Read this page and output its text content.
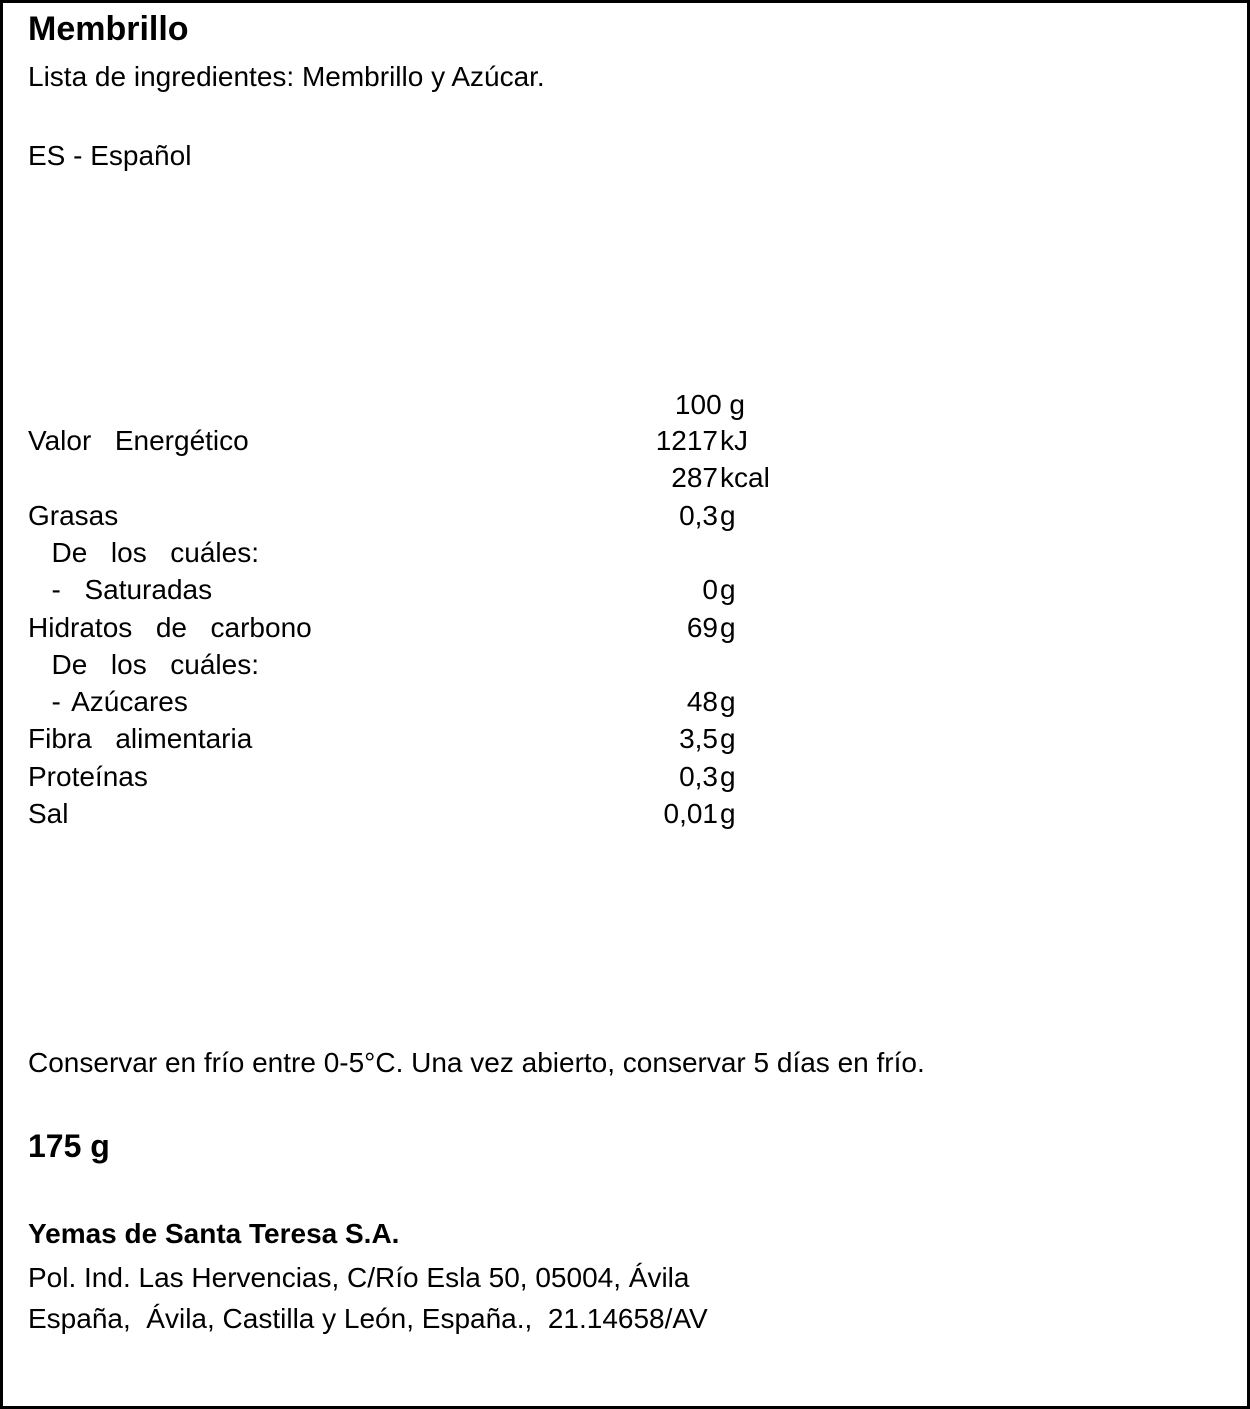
Membrillo
Lista de ingredientes: Membrillo y Azúcar.
ES - Español
100 g
Valor  Energético	1217 kJ
287 kcal
Grasas	0,3 g
De  los  cuáles:
-  Saturadas	0 g
Hidratos  de  carbono	69 g
De  los  cuáles:
- Azúcares	48 g
Fibra  alimentaria	3,5 g
Proteínas	0,3 g
Sal	0,01 g
Conservar en frío entre 0-5°C. Una vez abierto, conservar 5 días en frío.
175 g
Yemas de Santa Teresa S.A.
Pol. Ind. Las Hervencias, C/Río Esla 50, 05004, Ávila
España,  Ávila, Castilla y León, España.,  21.14658/AV
